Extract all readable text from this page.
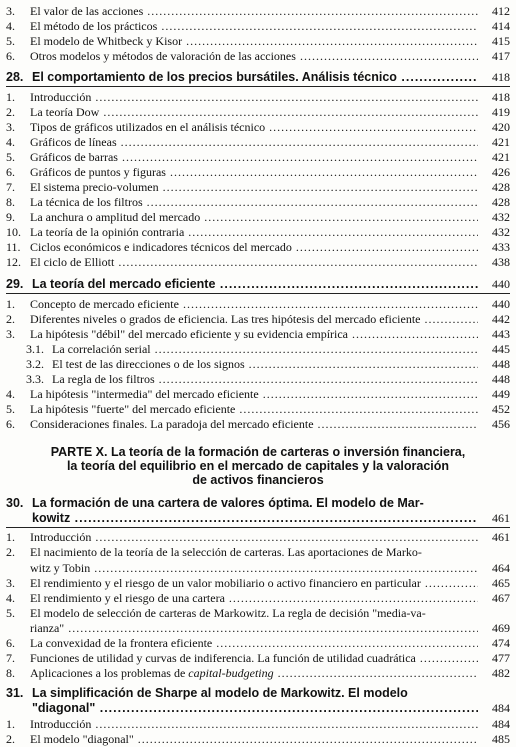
3. El valor de las acciones .....	412
4. El método de los prácticos .....	414
5. El modelo de Whitbeck y Kisor .....	415
6. Otros modelos y métodos de valoración de las acciones .....	417
28. El comportamiento de los precios bursátiles. Análisis técnico .....	418
1. Introducción .....	418
2. La teoría Dow .....	419
3. Tipos de gráficos utilizados en el análisis técnico .....	420
4. Gráficos de líneas .....	421
5. Gráficos de barras .....	421
6. Gráficos de puntos y figuras .....	426
7. El sistema precio-volumen .....	428
8. La técnica de los filtros .....	428
9. La anchura o amplitud del mercado .....	432
10. La teoría de la opinión contraria .....	432
11. Ciclos económicos e indicadores técnicos del mercado .....	433
12. El ciclo de Elliott .....	438
29. La teoría del mercado eficiente .....	440
1. Concepto de mercado eficiente .....	440
2. Diferentes niveles o grados de eficiencia. Las tres hipótesis del mercado eficiente .....	442
3. La hipótesis "débil" del mercado eficiente y su evidencia empírica .....	443
3.1. La correlación serial .....	445
3.2. El test de las direcciones o de los signos .....	448
3.3. La regla de los filtros .....	448
4. La hipótesis "intermedia" del mercado eficiente .....	449
5. La hipótesis "fuerte" del mercado eficiente .....	452
6. Consideraciones finales. La paradoja del mercado eficiente .....	456
PARTE X. La teoría de la formación de carteras o inversión financiera,
la teoría del equilibrio en el mercado de capitales y la valoración
de activos financieros
30. La formación de una cartera de valores óptima. El modelo de Mar-
kowitz .....	461
1. Introducción .....	461
2. El nacimiento de la teoría de la selección de carteras. Las aportaciones de Marko-
witz y Tobin .....	464
3. El rendimiento y el riesgo de un valor mobiliario o activo financiero en particular .....	465
4. El rendimiento y el riesgo de una cartera .....	467
5. El modelo de selección de carteras de Markowitz. La regla de decisión "media-va-
rianza" .....	469
6. La convexidad de la frontera eficiente .....	474
7. Funciones de utilidad y curvas de indiferencia. La función de utilidad cuadrática .....	477
8. Aplicaciones a los problemas de capital-budgeting .....	482
31. La simplificación de Sharpe al modelo de Markowitz. El modelo
"diagonal" .....	484
1. Introducción .....	484
2. El modelo "diagonal" .....	485
